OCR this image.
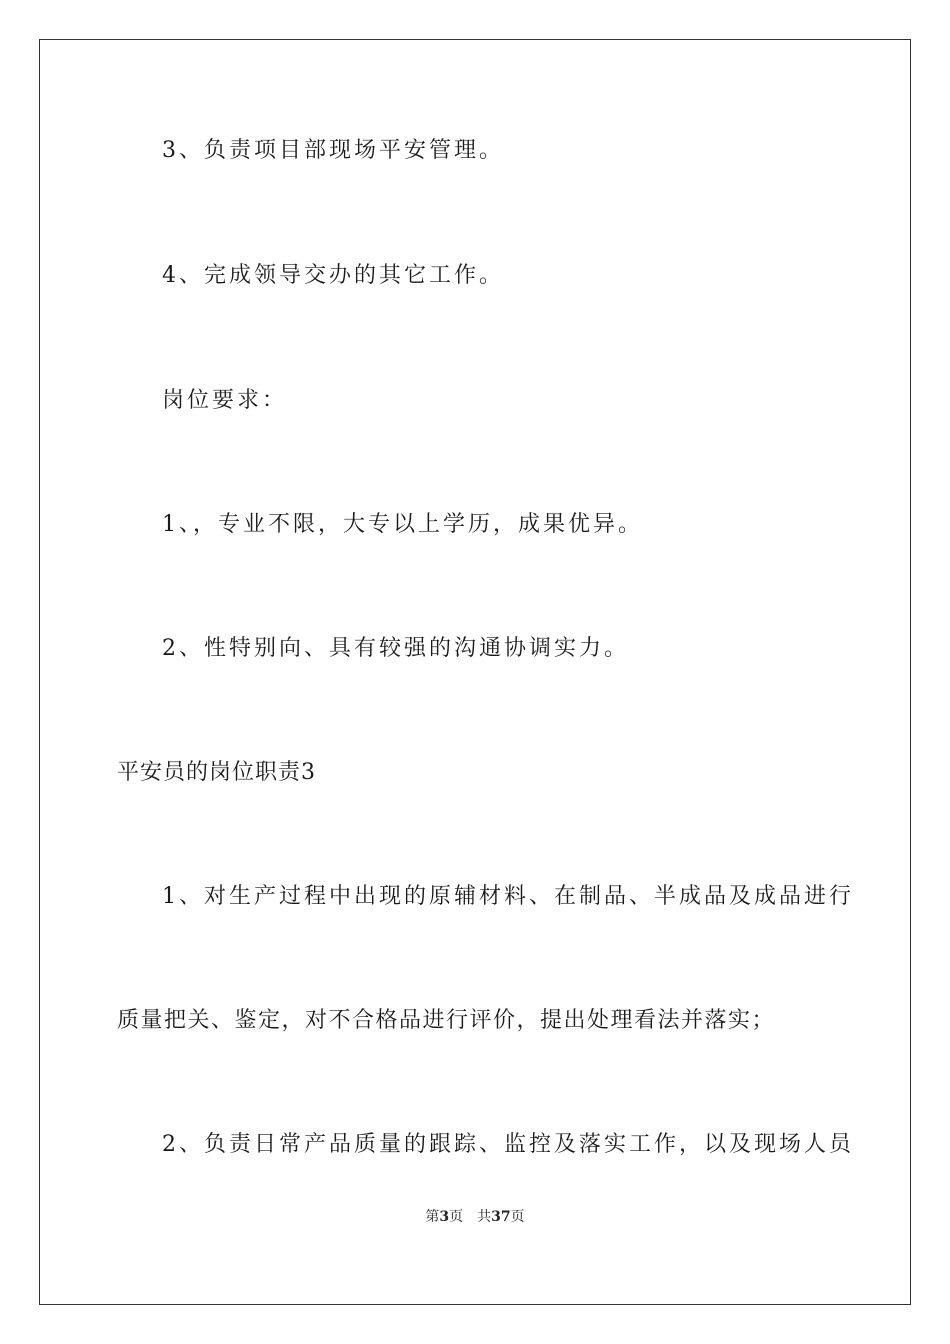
3、负责项目部现场平安管理。
4、完成领导交办的其它工作。
岗位要求：
1、，专业不限，大专以上学历，成果优异。
2、性特别向、具有较强的沟通协调实力。
平安员的岗位职责3
1、对生产过程中出现的原辅材料、在制品、半成品及成品进行
质量把关、鉴定，对不合格品进行评价，提出处理看法并落实；
2、负责日常产品质量的跟踪、监控及落实工作，以及现场人员
第3页 共37页
